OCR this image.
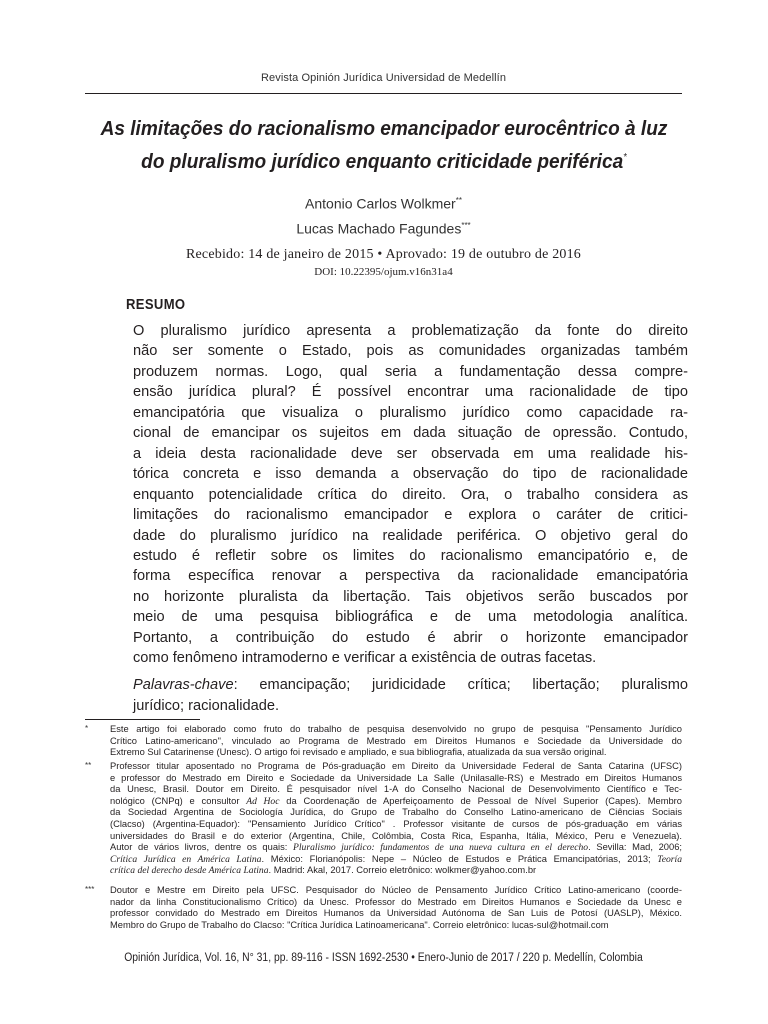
Revista Opinión Jurídica Universidad de Medellín
As limitações do racionalismo emancipador eurocêntrico à luz
do pluralismo jurídico enquanto criticidade periférica*
Antonio Carlos Wolkmer**
Lucas Machado Fagundes***
Recebido: 14 de janeiro de 2015 • Aprovado: 19 de outubro de 2016
DOI: 10.22395/ojum.v16n31a4
RESUMO
O pluralismo jurídico apresenta a problematização da fonte do direito
não ser somente o Estado, pois as comunidades organizadas também
produzem normas. Logo, qual seria a fundamentação dessa compre-
ensão jurídica plural? É possível encontrar uma racionalidade de tipo
emancipatória que visualiza o pluralismo jurídico como capacidade ra-
cional de emancipar os sujeitos em dada situação de opressão. Contudo,
a ideia desta racionalidade deve ser observada em uma realidade his-
tórica concreta e isso demanda a observação do tipo de racionalidade
enquanto potencialidade crítica do direito. Ora, o trabalho considera as
limitações do racionalismo emancipador e explora o caráter de critici-
dade do pluralismo jurídico na realidade periférica. O objetivo geral do
estudo é refletir sobre os limites do racionalismo emancipatório e, de
forma específica renovar a perspectiva da racionalidade emancipatória
no horizonte pluralista da libertação. Tais objetivos serão buscados por
meio de uma pesquisa bibliográfica e de uma metodologia analítica.
Portanto, a contribuição do estudo é abrir o horizonte emancipador
como fenômeno intramoderno e verificar a existência de outras facetas.
Palavras-chave: emancipação; juridicidade crítica; libertação; pluralismo
jurídico; racionalidade.
* Este artigo foi elaborado como fruto do trabalho de pesquisa desenvolvido no grupo de pesquisa "Pensamento Jurídico
Crítico Latino-americano", vinculado ao Programa de Mestrado em Direitos Humanos e Sociedade da Universidade do
Extremo Sul Catarinense (Unesc). O artigo foi revisado e ampliado, e sua bibliografia, atualizada da sua versão original.
** Professor titular aposentado no Programa de Pós-graduação em Direito da Universidade Federal de Santa Catarina (UFSC)
e professor do Mestrado em Direito e Sociedade da Universidade La Salle (Unilasalle-RS) e Mestrado em Direitos Humanos
da Unesc, Brasil. Doutor em Direito. É pesquisador nível 1-A do Conselho Nacional de Desenvolvimento Científico e Tec-
nológico (CNPq) e consultor Ad Hoc da Coordenação de Aperfeiçoamento de Pessoal de Nível Superior (Capes). Membro
da Sociedad Argentina de Sociología Jurídica, do Grupo de Trabalho do Conselho Latino-americano de Ciências Sociais
(Clacso) (Argentina-Equador): "Pensamiento Jurídico Crítico" . Professor visitante de cursos de pós-graduação em várias
universidades do Brasil e do exterior (Argentina, Chile, Colômbia, Costa Rica, Espanha, Itália, México, Peru e Venezuela).
Autor de vários livros, dentre os quais: Pluralismo jurídico: fundamentos de una nueva cultura en el derecho. Sevilla: Mad, 2006;
Crítica Jurídica en América Latina. México: Florianópolis: Nepe – Núcleo de Estudos e Prática Emancipatórias, 2013; Teoría
crítica del derecho desde América Latina. Madrid: Akal, 2017. Correio eletrônico: wolkmer@yahoo.com.br
*** Doutor e Mestre em Direito pela UFSC. Pesquisador do Núcleo de Pensamento Jurídico Crítico Latino-americano (coorde-
nador da linha Constitucionalismo Crítico) da Unesc. Professor do Mestrado em Direitos Humanos e Sociedade da Unesc e
professor convidado do Mestrado em Direitos Humanos da Universidad Autónoma de San Luis de Potosí (UASLP), México.
Membro do Grupo de Trabalho do Clacso: "Crítica Jurídica Latinoamericana". Correio eletrônico: lucas-sul@hotmail.com
Opinión Jurídica, Vol. 16, N° 31, pp. 89-116 - ISSN 1692-2530 • Enero-Junio de 2017 / 220 p. Medellín, Colombia
